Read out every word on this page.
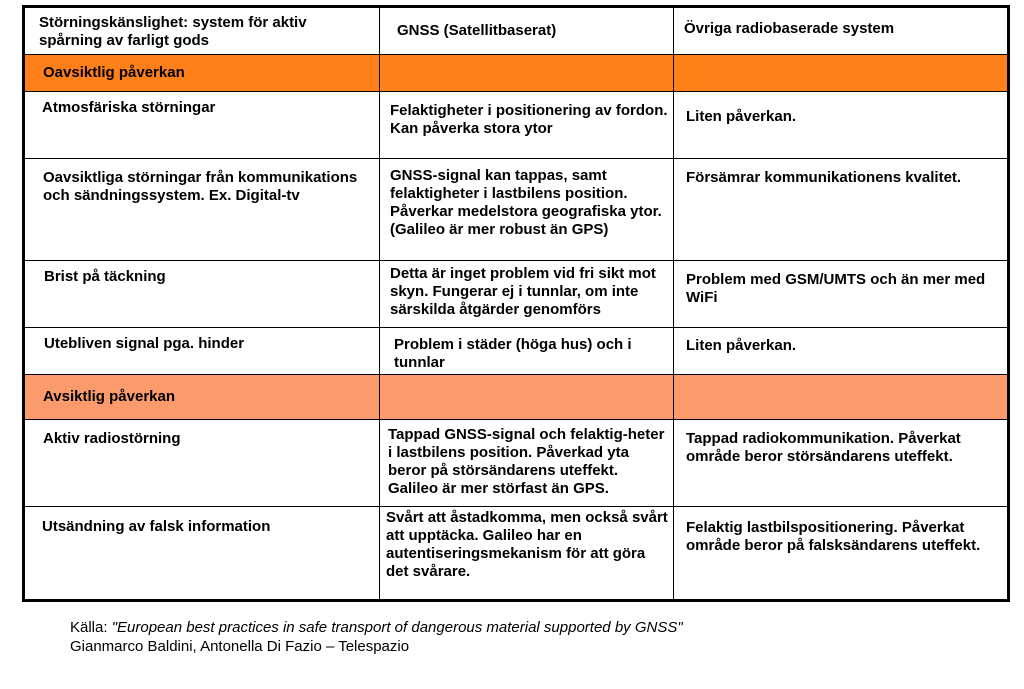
Störningskänslighet: system för aktiv spårning av farligt gods	GNSS (Satellitbaserat)	Övriga radiobaserade system

Oavsiktlig påverkan		

Atmosfäriska störningar	Felaktigheter i positionering av fordon. Kan påverka stora ytor	Liten påverkan.

Oavsiktliga störningar från kommunikations och sändningssystem. Ex. Digital-tv	GNSS-signal kan tappas, samt felaktigheter i lastbilens position. Påverkar medelstora geografiska ytor. (Galileo är mer robust än GPS)	Försämrar kommunikationens kvalitet.

Brist på täckning	Detta är inget problem vid fri sikt mot skyn. Fungerar ej i tunnlar, om inte särskilda åtgärder genomförs	Problem med GSM/UMTS och än mer med WiFi

Utebliven signal pga. hinder	Problem i städer (höga hus) och i tunnlar	Liten påverkan.

Avsiktlig påverkan		

Aktiv radiostörning	Tappad GNSS-signal och felaktig-heter i lastbilens position. Påverkad yta beror på störsändarens uteffekt. Galileo är mer störfast än GPS.	Tappad radiokommunikation. Påverkat område beror störsändarens uteffekt.

Utsändning av falsk information	Svårt att åstadkomma, men också svårt att upptäcka. Galileo har en autentiseringsmekanism för att göra det svårare.	Felaktig lastbilspositionering. Påverkat område beror på falsksändarens uteffekt.
Källa: "European best practices in safe transport of dangerous material supported by GNSS"
Gianmarco Baldini, Antonella Di Fazio – Telespazio
